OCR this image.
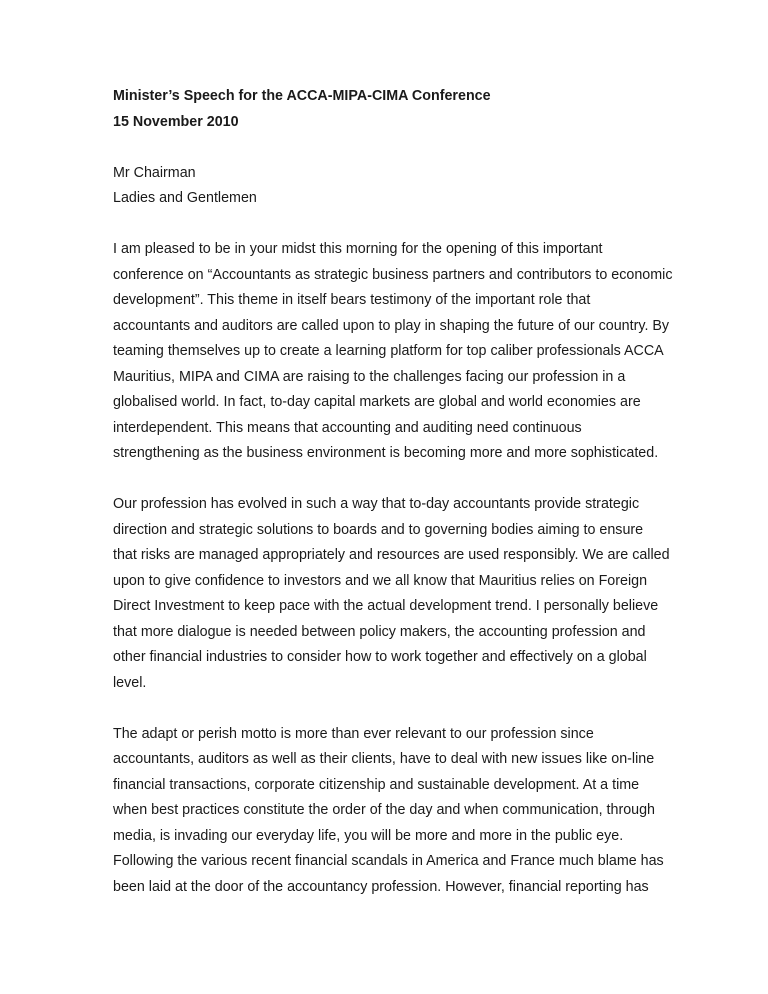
Minister’s Speech for the ACCA-MIPA-CIMA Conference

15 November 2010

Mr Chairman

Ladies and Gentlemen

I am pleased to be in your midst this morning for the opening of this important
conference on “Accountants as strategic business partners and contributors to economic
development”. This theme in itself bears testimony of the important role that
accountants and auditors are called upon to play in shaping the future of our country. By
teaming themselves up to create a learning platform for top caliber professionals ACCA
Mauritius, MIPA and CIMA are raising to the challenges facing our profession in a
globalised world. In fact, to-day capital markets are global and world economies are
interdependent. This means that accounting and auditing need continuous
strengthening as the business environment is becoming more and more sophisticated.

Our profession has evolved in such a way that to-day accountants provide strategic
direction and strategic solutions to boards and to governing bodies aiming to ensure
that risks are managed appropriately and resources are used responsibly. We are called
upon to give confidence to investors and we all know that Mauritius relies on Foreign
Direct Investment to keep pace with the actual development trend. I personally believe
that more dialogue is needed between policy makers, the accounting profession and
other financial industries to consider how to work together and effectively on a global
level.

The adapt or perish motto is more than ever relevant to our profession since
accountants, auditors as well as their clients, have to deal with new issues like on-line
financial transactions, corporate citizenship and sustainable development. At a time
when best practices constitute the order of the day and when communication, through
media, is invading our everyday life, you will be more and more in the public eye.
Following the various recent financial scandals in America and France much blame has
been laid at the door of the accountancy profession. However, financial reporting has
